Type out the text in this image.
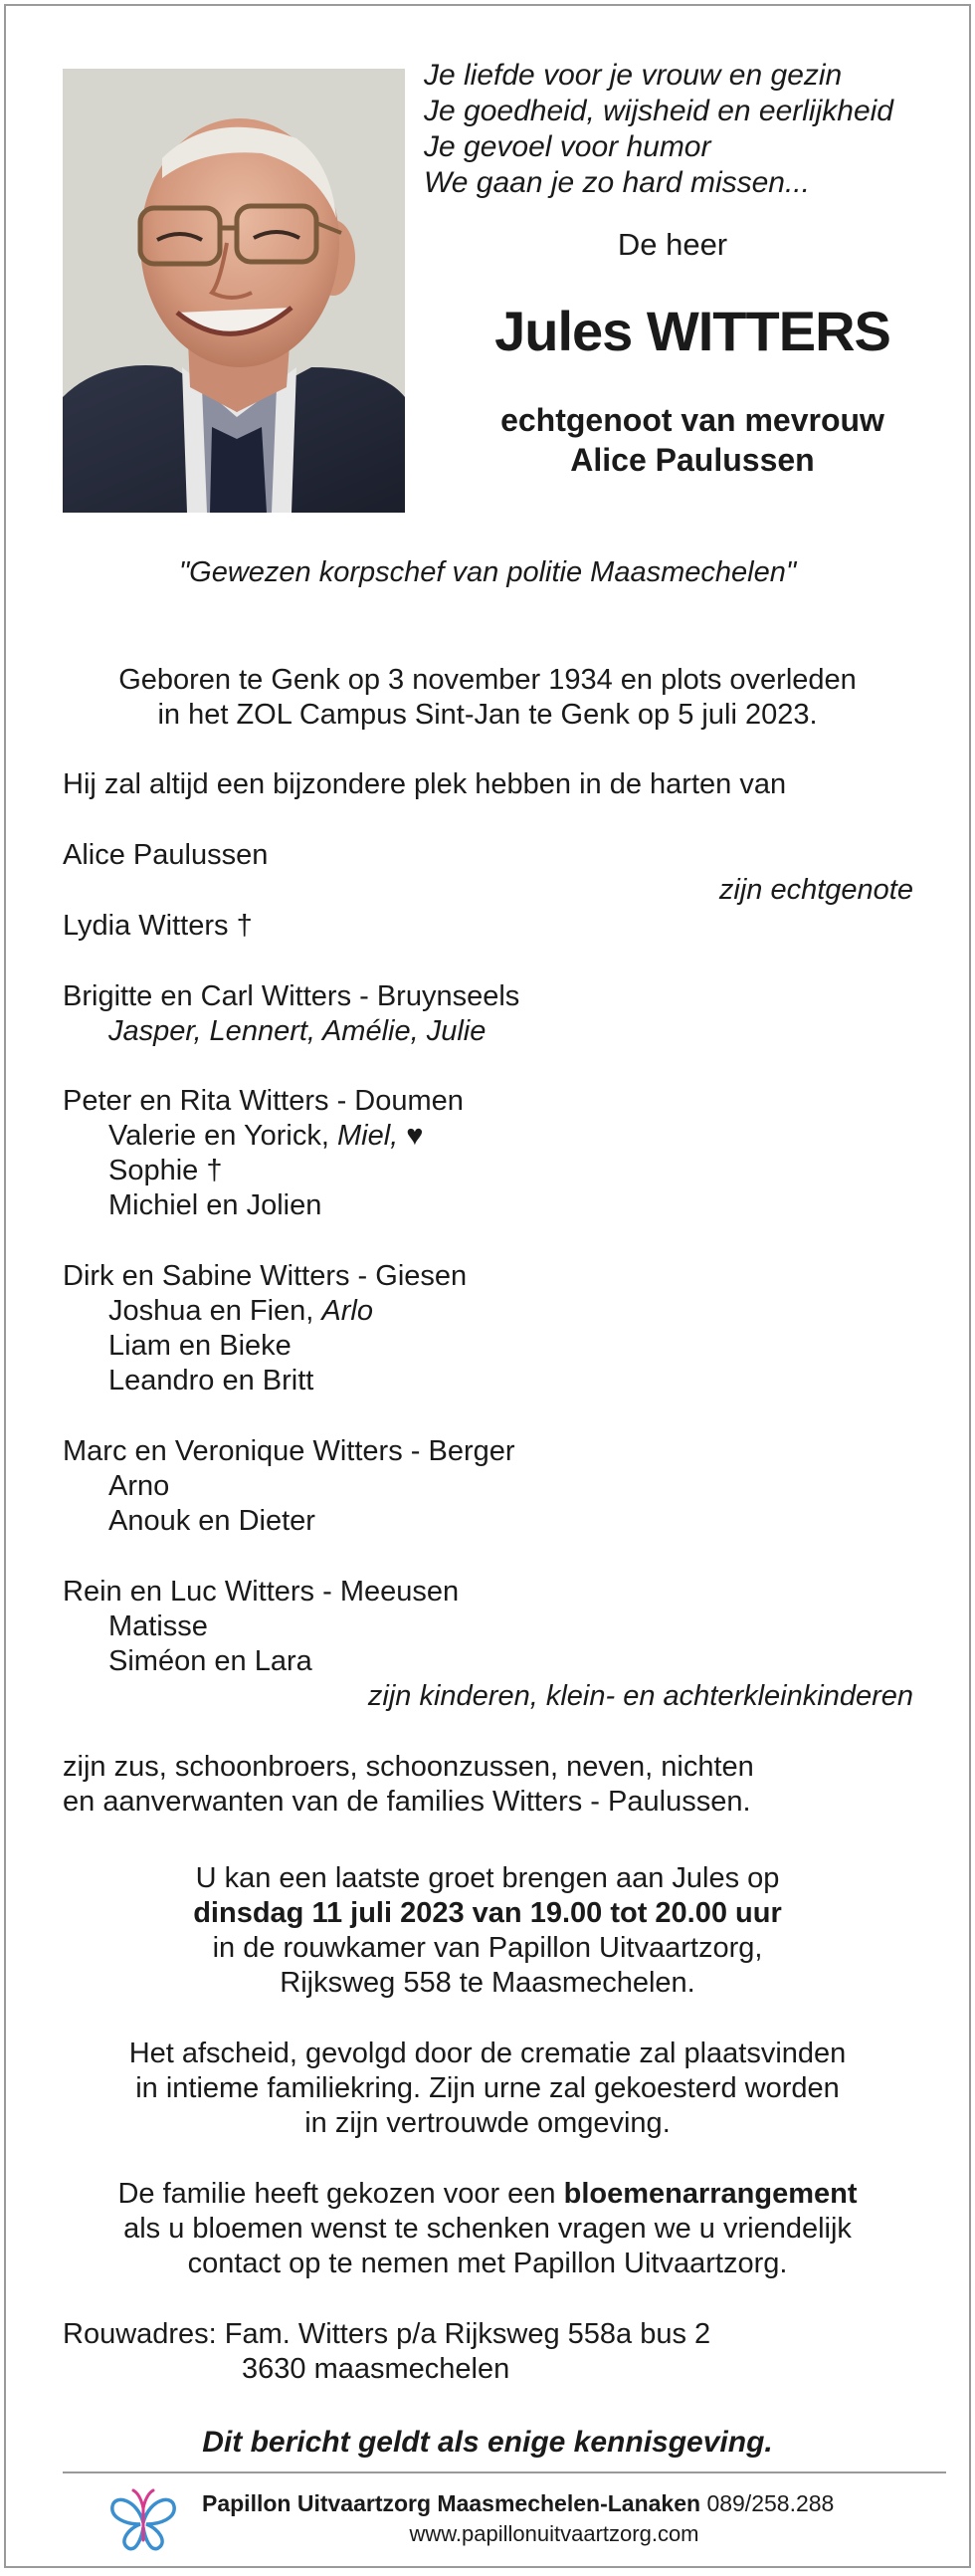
Je liefde voor je vrouw en gezin
Je goedheid, wijsheid en eerlijkheid
Je gevoel voor humor
We gaan je zo hard missen...
De heer
Jules WITTERS
echtgenoot van mevrouw
Alice Paulussen
"Gewezen korpschef van politie Maasmechelen"
Geboren te Genk op 3 november 1934 en plots overleden
in het ZOL Campus Sint-Jan te Genk op 5 juli 2023.
Hij zal altijd een bijzondere plek hebben in de harten van
Alice Paulussen
zijn echtgenote
Lydia Witters †
Brigitte en Carl Witters - Bruynseels
Jasper, Lennert, Amélie, Julie
Peter en Rita Witters - Doumen
Valerie en Yorick, Miel, ♥
Sophie †
Michiel en Jolien
Dirk en Sabine Witters - Giesen
Joshua en Fien, Arlo
Liam en Bieke
Leandro en Britt
Marc en Veronique Witters - Berger
Arno
Anouk en Dieter
Rein en Luc Witters - Meeusen
Matisse
Siméon en Lara
zijn kinderen, klein- en achterkleinkinderen
zijn zus, schoonbroers, schoonzussen, neven, nichten
en aanverwanten van de families Witters - Paulussen.
U kan een laatste groet brengen aan Jules op
dinsdag 11 juli 2023 van 19.00 tot 20.00 uur
in de rouwkamer van Papillon Uitvaartzorg,
Rijksweg 558 te Maasmechelen.
Het afscheid, gevolgd door de crematie zal plaatsvinden
in intieme familiekring. Zijn urne zal gekoesterd worden
in zijn vertrouwde omgeving.
De familie heeft gekozen voor een bloemenarrangement
als u bloemen wenst te schenken vragen we u vriendelijk
contact op te nemen met Papillon Uitvaartzorg.
Rouwadres: Fam. Witters p/a Rijksweg 558a bus 2
3630 maasmechelen
Dit bericht geldt als enige kennisgeving.
Papillon Uitvaartzorg Maasmechelen-Lanaken 089/258.288
www.papillonuitvaartzorg.com
